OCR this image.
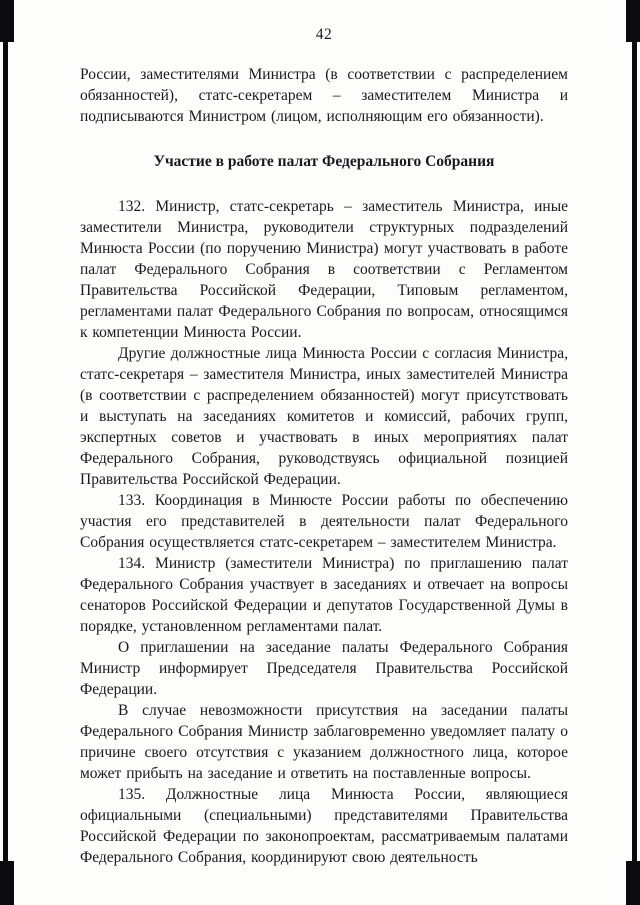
42

России, заместителями Министра (в соответствии с распределением обязанностей), статс-секретарем – заместителем Министра и подписываются Министром (лицом, исполняющим его обязанности).

Участие в работе палат Федерального Собрания

132. Министр, статс-секретарь – заместитель Министра, иные заместители Министра, руководители структурных подразделений Минюста России (по поручению Министра) могут участвовать в работе палат Федерального Собрания в соответствии с Регламентом Правительства Российской Федерации, Типовым регламентом, регламентами палат Федерального Собрания по вопросам, относящимся к компетенции Минюста России.

Другие должностные лица Минюста России с согласия Министра, статс-секретаря – заместителя Министра, иных заместителей Министра (в соответствии с распределением обязанностей) могут присутствовать и выступать на заседаниях комитетов и комиссий, рабочих групп, экспертных советов и участвовать в иных мероприятиях палат Федерального Собрания, руководствуясь официальной позицией Правительства Российской Федерации.

133. Координация в Минюсте России работы по обеспечению участия его представителей в деятельности палат Федерального Собрания осуществляется статс-секретарем – заместителем Министра.

134. Министр (заместители Министра) по приглашению палат Федерального Собрания участвует в заседаниях и отвечает на вопросы сенаторов Российской Федерации и депутатов Государственной Думы в порядке, установленном регламентами палат.

О приглашении на заседание палаты Федерального Собрания Министр информирует Председателя Правительства Российской Федерации.

В случае невозможности присутствия на заседании палаты Федерального Собрания Министр заблаговременно уведомляет палату о причине своего отсутствия с указанием должностного лица, которое может прибыть на заседание и ответить на поставленные вопросы.

135. Должностные лица Минюста России, являющиеся официальными (специальными) представителями Правительства Российской Федерации по законопроектам, рассматриваемым палатами Федерального Собрания, координируют свою деятельность
